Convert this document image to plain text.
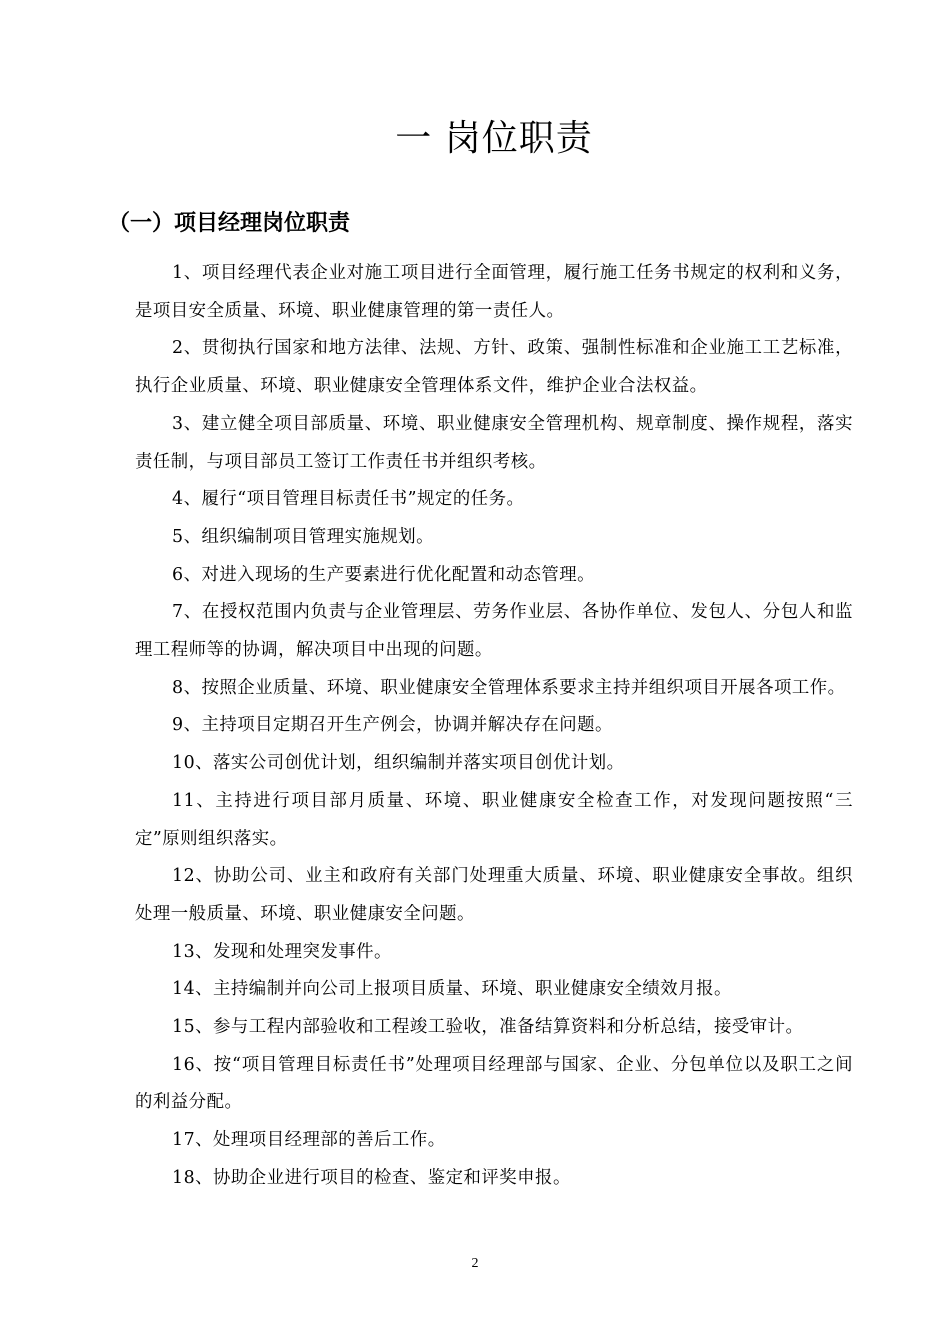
一 岗位职责
（一）项目经理岗位职责

1、项目经理代表企业对施工项目进行全面管理，履行施工任务书规定的权利和义务，是项目安全质量、环境、职业健康管理的第一责任人。

2、贯彻执行国家和地方法律、法规、方针、政策、强制性标准和企业施工工艺标准，执行企业质量、环境、职业健康安全管理体系文件，维护企业合法权益。

3、建立健全项目部质量、环境、职业健康安全管理机构、规章制度、操作规程，落实责任制，与项目部员工签订工作责任书并组织考核。

4、履行“项目管理目标责任书”规定的任务。

5、组织编制项目管理实施规划。

6、对进入现场的生产要素进行优化配置和动态管理。

7、在授权范围内负责与企业管理层、劳务作业层、各协作单位、发包人、分包人和监理工程师等的协调，解决项目中出现的问题。

8、按照企业质量、环境、职业健康安全管理体系要求主持并组织项目开展各项工作。

9、主持项目定期召开生产例会，协调并解决存在问题。

10、落实公司创优计划，组织编制并落实项目创优计划。

11、主持进行项目部月质量、环境、职业健康安全检查工作，对发现问题按照“三定”原则组织落实。

12、协助公司、业主和政府有关部门处理重大质量、环境、职业健康安全事故。组织处理一般质量、环境、职业健康安全问题。

13、发现和处理突发事件。

14、主持编制并向公司上报项目质量、环境、职业健康安全绩效月报。

15、参与工程内部验收和工程竣工验收，准备结算资料和分析总结，接受审计。

16、按“项目管理目标责任书”处理项目经理部与国家、企业、分包单位以及职工之间的利益分配。

17、处理项目经理部的善后工作。

18、协助企业进行项目的检查、鉴定和评奖申报。

2
